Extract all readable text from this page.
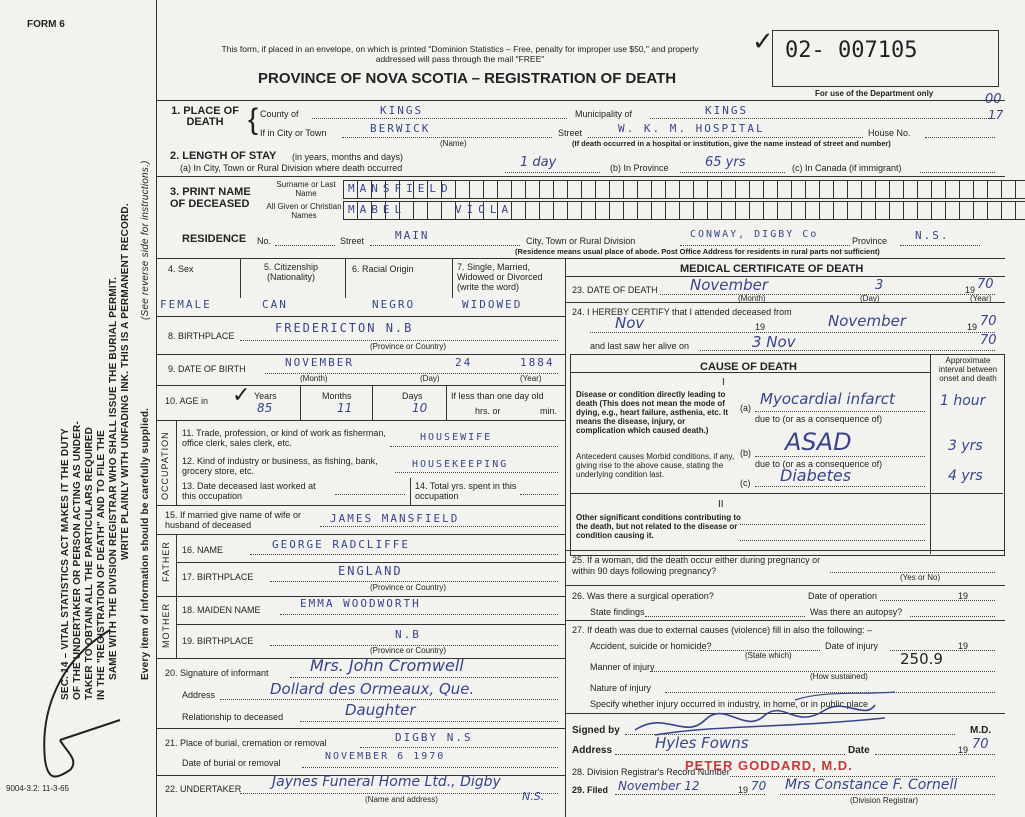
FORM 6
SEC. 14 – VITAL STATISTICS ACT MAKES IT THE DUTY OF THE UNDERTAKER OR PERSON ACTING AS UNDER- TAKER TO OBTAIN ALL THE PARTICULARS REQUIRED IN THE "REGISTRATION OF DEATH" AND TO FILE THE SAME WITH THE DIVISION REGISTRAR WHO SHALL ISSUE THE BURIAL PERMIT. WRITE PLAINLY WITH UNFADING INK. THIS IS A PERMANENT RECORD. (See reverse side for instructions.)
Every item of information should be carefully supplied.
9004-3.2: 11-3-65
This form, if placed in an envelope, on which is printed "Dominion Statistics – Free, penalty for improper use $50," and properly addressed will pass through the mail "FREE"
PROVINCE OF NOVA SCOTIA – REGISTRATION OF DEATH
✓ 02- 007105
For use of the Department only	00
17
1. PLACE OF DEATH { County of	KINGS	Municipality of	KINGS
If in City or Town	BERWICK
(Name)
Street	W. K. M. HOSPITAL	House No.
(If death occurred in a hospital or institution, give the name instead of street and number)
2. LENGTH OF STAY (in years, months and days)
(a) In City, Town or Rural Division where death occurred	1 day	(b) In Province	65 yrs	(c) In Canada (if immigrant)
3. PRINT NAME OF DECEASED
Surname or Last Name
All Given or Christian Names
MANSFIELD
MABEL	VIOLA
RESIDENCE No.	Street	MAIN	City, Town or Rural Division
CONWAY, DIGBY Co
Province	N.S.
(Residence means usual place of abode. Post Office Address for residents in rural parts not sufficient)
4. Sex	5. Citizenship (Nationality)
6. Racial Origin	7. Single, Married, Widowed or Divorced (write the word)
FEMALE	CAN	NEGRO	WIDOWED
8. BIRTHPLACE
FREDERICTON N.B
(Province or Country)
9. DATE OF BIRTH	NOVEMBER	24	1884
(Month)	(Day)	(Year)
10. AGE in ✓ Years
85
Months
11
Days
10
If less than one day old
hrs. or	min.
OCCUPATION 11. Trade, profession, or kind of work as fisherman, office clerk, sales clerk, etc.	HOUSEWIFE
12. Kind of industry or business, as fishing, bank, grocery store, etc.
HOUSEKEEPING
13. Date deceased last worked at this occupation
14. Total yrs. spent in this occupation
15. If married give name of wife or husband of deceased	JAMES MANSFIELD
FATHER 16. NAME	GEORGE RADCLIFFE
17. BIRTHPLACE	ENGLAND
(Province or Country)
MOTHER 18. MAIDEN NAME	EMMA WOODWORTH
19. BIRTHPLACE	N.B
(Province or Country)
20. Signature of informant	Mrs. John Cromwell
Address	Dollard des Ormeaux, Que.
Relationship to deceased	Daughter
21. Place of burial, cremation or removal	DIGBY N.S
Date of burial or removal
NOVEMBER 6 1970
22. UNDERTAKER Jaynes Funeral Home Ltd., Digby
N.S.
(Name and address)
MEDICAL CERTIFICATE OF DEATH
23. DATE OF DEATH November	3	19 70
(Month)	(Day)	(Year)
24. I HEREBY CERTIFY that I attended deceased from
Nov	19	November	19 70
and last saw her alive on	3 Nov	70
CAUSE OF DEATH
Approximate interval between onset and death
I
Disease or condition directly leading to death (This does not mean the mode of dying, e.g., heart failure, asthenia, etc. It means the disease, injury, or complication which caused death.)
(a) Myocardial infarct	1 hour
due to (or as a consequence of)
Antecedent causes Morbid conditions, if any, giving rise to the above cause, stating the underlying condition last.
(b) ASAD	3 yrs
due to (or as a consequence of)
(c) Diabetes	4 yrs
II
Other significant conditions contributing to the death, but not related to the disease or condition causing it.
25. If a woman, did the death occur either during pregnancy or within 90 days following pregnancy?
(Yes or No)
26. Was there a surgical operation?	Date of operation	19
State findings	Was there an autopsy?
27. If death was due to external causes (violence) fill in also the following: –
Accident, suicide or homicide?
(State which)
Date of injury	19
250.9
Manner of injury
(How sustained)
Nature of injury
Specify whether injury occurred in industry, in home, or in public place
Signed by	M.D.
Address	Hyles Fowns	Date	19 70
PETER GODDARD, M.D.
28. Division Registrar's Record Number
29. Filed November 12	19 70 Mrs Constance F. Cornell
(Division Registrar)
